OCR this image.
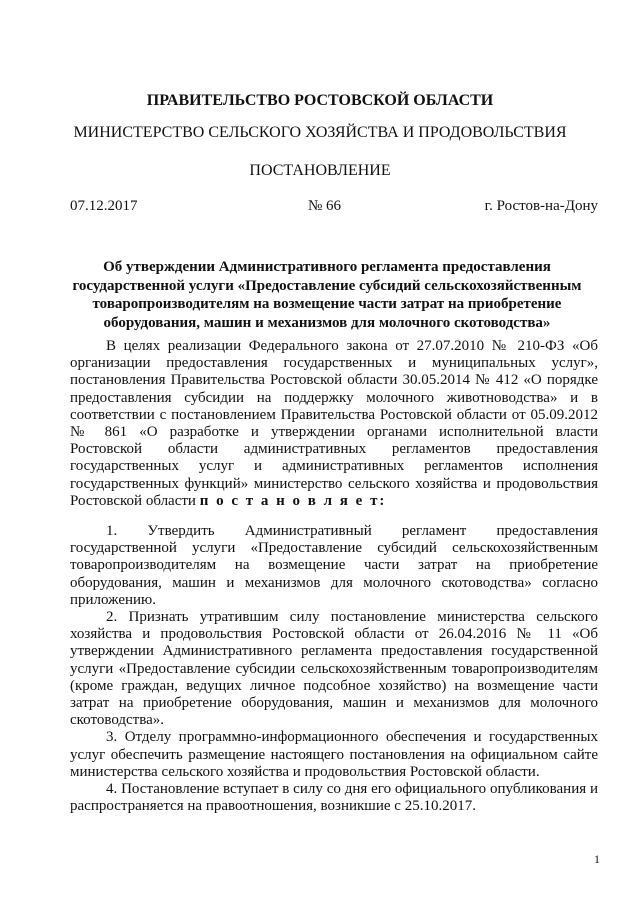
ПРАВИТЕЛЬСТВО РОСТОВСКОЙ ОБЛАСТИ
МИНИСТЕРСТВО СЕЛЬСКОГО ХОЗЯЙСТВА И ПРОДОВОЛЬСТВИЯ
ПОСТАНОВЛЕНИЕ
07.12.2017	№ 66	г. Ростов-на-Дону
Об утверждении Административного регламента предоставления государственной услуги «Предоставление субсидий сельскохозяйственным товаропроизводителям на возмещение части затрат на приобретение оборудования, машин и механизмов для молочного скотоводства»

В целях реализации Федерального закона от 27.07.2010 № 210-ФЗ «Об организации предоставления государственных и муниципальных услуг», постановления Правительства Ростовской области 30.05.2014 № 412 «О порядке предоставления субсидии на поддержку молочного животноводства» и в соответствии с постановлением Правительства Ростовской области от 05.09.2012 № 861 «О разработке и утверждении органами исполнительной власти Ростовской области административных регламентов предоставления государственных услуг и административных регламентов исполнения государственных функций» министерство сельского хозяйства и продовольствия Ростовской области п о с т а н о в л я е т:

1. Утвердить Административный регламент предоставления государственной услуги «Предоставление субсидий сельскохозяйственным товаропроизводителям на возмещение части затрат на приобретение оборудования, машин и механизмов для молочного скотоводства» согласно приложению.

2. Признать утратившим силу постановление министерства сельского хозяйства и продовольствия Ростовской области от 26.04.2016 № 11 «Об утверждении Административного регламента предоставления государственной услуги «Предоставление субсидии сельскохозяйственным товаропроизводителям (кроме граждан, ведущих личное подсобное хозяйство) на возмещение части затрат на приобретение оборудования, машин и механизмов для молочного скотоводства».

3. Отделу программно-информационного обеспечения и государственных услуг обеспечить размещение настоящего постановления на официальном сайте министерства сельского хозяйства и продовольствия Ростовской области.

4. Постановление вступает в силу со дня его официального опубликования и распространяется на правоотношения, возникшие с 25.10.2017.

1
